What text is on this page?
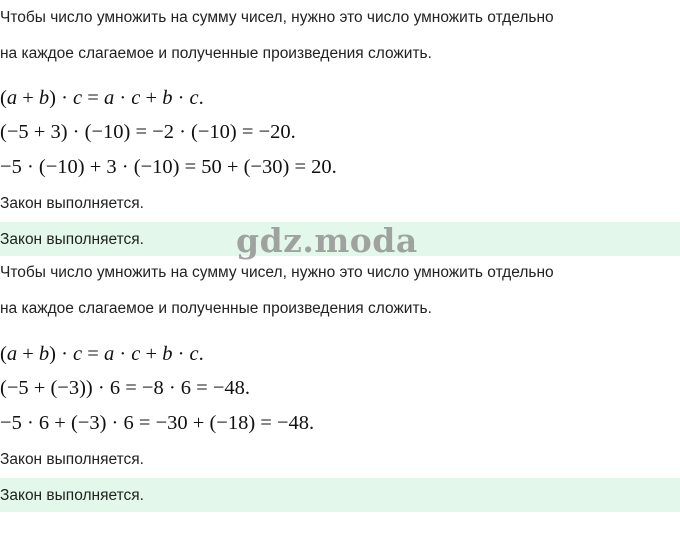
Чтобы число умножить на сумму чисел, нужно это число умножить отдельно

на каждое слагаемое и полученные произведения сложить.

(a + b) · c = a · c + b · c.

(−5 + 3) · (−10) = −2 · (−10) = −20.

−5 · (−10) + 3 · (−10) = 50 + (−30) = 20.

Закон выполняется.

Закон выполняется.	gdz.moda

Чтобы число умножить на сумму чисел, нужно это число умножить отдельно

на каждое слагаемое и полученные произведения сложить.

(a + b) · c = a · c + b · c.

(−5 + (−3)) · 6 = −8 · 6 = −48.

−5 · 6 + (−3) · 6 = −30 + (−18) = −48.

Закон выполняется.

Закон выполняется.
